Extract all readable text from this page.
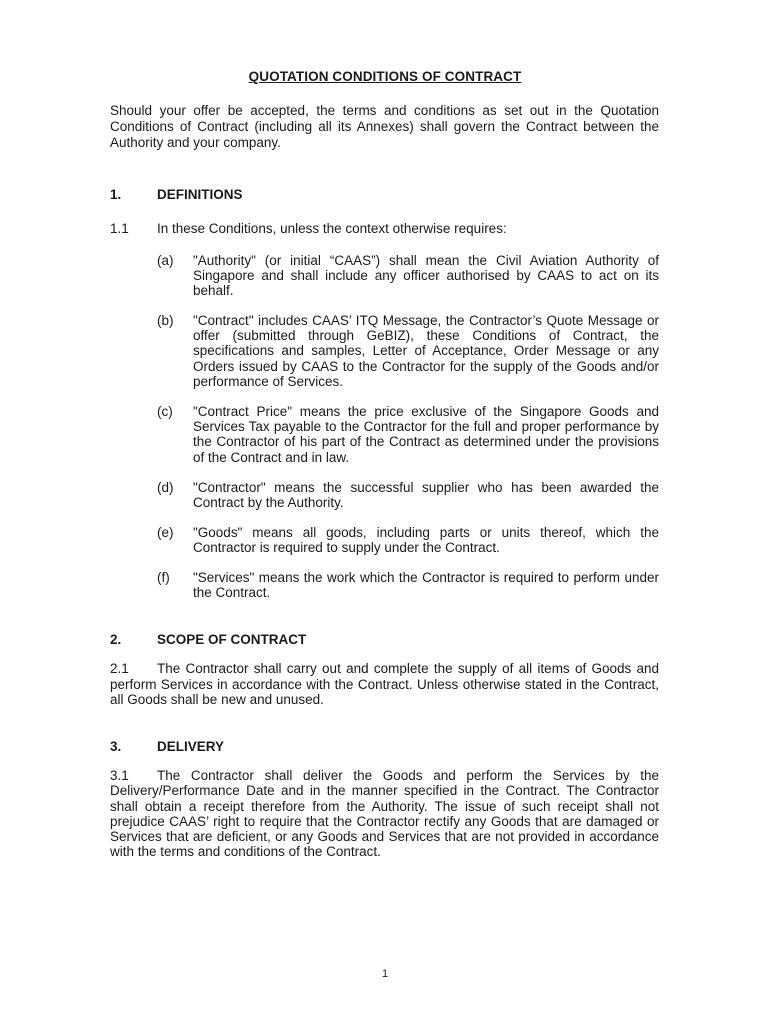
QUOTATION CONDITIONS OF CONTRACT
Should your offer be accepted, the terms and conditions as set out in the Quotation Conditions of Contract (including all its Annexes) shall govern the Contract between the Authority and your company.
1.	DEFINITIONS
1.1 In these Conditions, unless the context otherwise requires:
(a)	"Authority" (or initial “CAAS”) shall mean the Civil Aviation Authority of Singapore and shall include any officer authorised by CAAS to act on its behalf.
(b)	"Contract" includes CAAS’ ITQ Message, the Contractor’s Quote Message or offer (submitted through GeBIZ), these Conditions of Contract, the specifications and samples, Letter of Acceptance, Order Message or any Orders issued by CAAS to the Contractor for the supply of the Goods and/or performance of Services.
(c)	"Contract Price" means the price exclusive of the Singapore Goods and Services Tax payable to the Contractor for the full and proper performance by the Contractor of his part of the Contract as determined under the provisions of the Contract and in law.
(d)	"Contractor" means the successful supplier who has been awarded the Contract by the Authority.
(e)	"Goods" means all goods, including parts or units thereof, which the Contractor is required to supply under the Contract.
(f)	"Services" means the work which the Contractor is required to perform under the Contract.
2.	SCOPE OF CONTRACT
2.1 The Contractor shall carry out and complete the supply of all items of Goods and perform Services in accordance with the Contract. Unless otherwise stated in the Contract, all Goods shall be new and unused.
3.	DELIVERY
3.1 The Contractor shall deliver the Goods and perform the Services by the Delivery/Performance Date and in the manner specified in the Contract. The Contractor shall obtain a receipt therefore from the Authority. The issue of such receipt shall not prejudice CAAS’ right to require that the Contractor rectify any Goods that are damaged or Services that are deficient, or any Goods and Services that are not provided in accordance with the terms and conditions of the Contract.
1
